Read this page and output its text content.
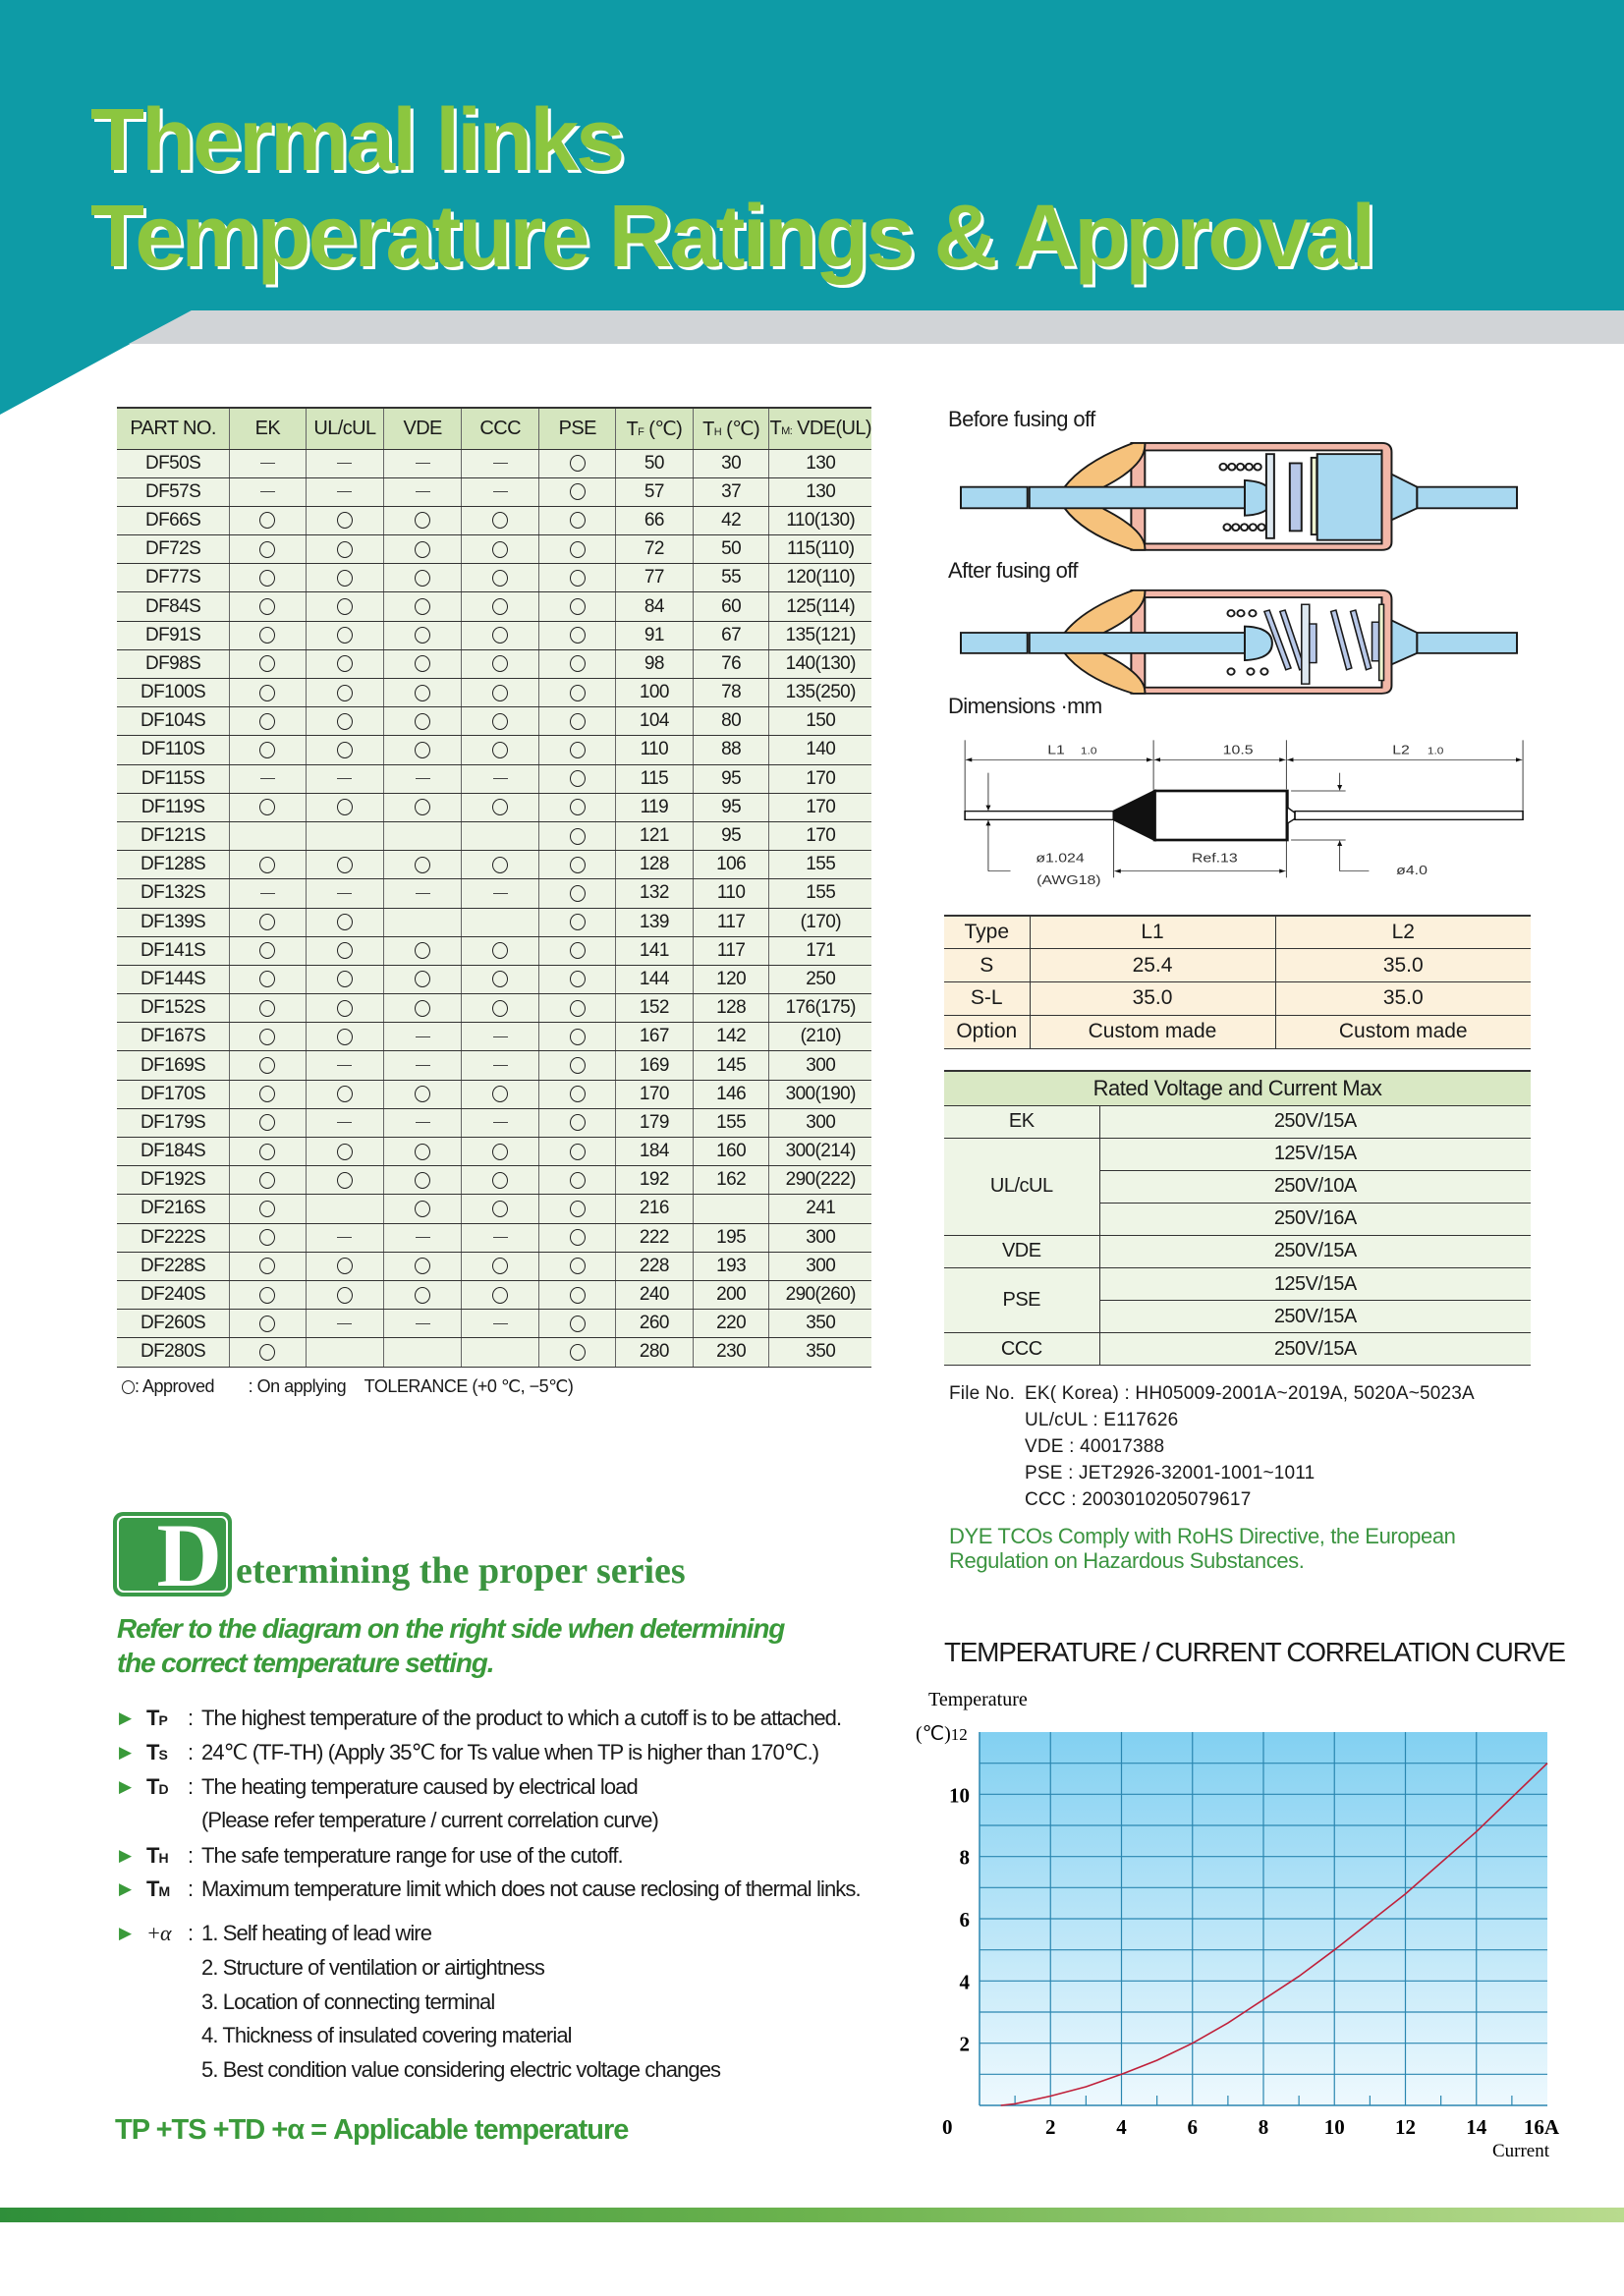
Thermal links
Temperature Ratings & Approval
PART NO.	EK	UL/cUL	VDE	CCC	PSE	TF (℃)	TH (℃)	TM: VDE(UL)
DF50S						50	30	130
DF57S						57	37	130
DF66S						66	42	110(130)
DF72S						72	50	115(110)
DF77S						77	55	120(110)
DF84S						84	60	125(114)
DF91S						91	67	135(121)
DF98S						98	76	140(130)
DF100S						100	78	135(250)
DF104S						104	80	150
DF110S						110	88	140
DF115S						115	95	170
DF119S						119	95	170
DF121S						121	95	170
DF128S						128	106	155
DF132S						132	110	155
DF139S						139	117	(170)
DF141S						141	117	171
DF144S						144	120	250
DF152S						152	128	176(175)
DF167S						167	142	(210)
DF169S						169	145	300
DF170S						170	146	300(190)
DF179S						179	155	300
DF184S						184	160	300(214)
DF192S						192	162	290(222)
DF216S						216		241
DF222S						222	195	300
DF228S						228	193	300
DF240S						240	200	290(260)
DF260S						260	220	350
DF280S						280	230	350
: Approved : On applying TOLERANCE (+0 ℃, −5℃)
Before fusing off
After fusing off
Dimensions ·mm
L1 1.0	10.5	L2 1.0
ø1.024
(AWG18)
Ref.13
ø4.0
Type	L1	L2
S	25.4	35.0
S-L	35.0	35.0
Option	Custom made	Custom made
Rated Voltage and Current Max	
EK	250V/15A
UL/cUL	125V/15A
	250V/10A
	250V/16A
VDE	250V/15A
PSE	125V/15A
	250V/15A
CCC	250V/15A
File No. EK( Korea) : HH05009-2001A~2019A, 5020A~5023A
UL/cUL : E117626
VDE : 40017388
PSE : JET2926-32001-1001~1011
CCC : 2003010205079617
DYE TCOs Comply with RoHS Directive, the European
Regulation on Hazardous Substances.
D etermining the proper series
Refer to the diagram on the right side when determining
the correct temperature setting.
▶ TP : The highest temperature of the product to which a cutoff is to be attached.
▶ TS : 24℃ (TF-TH) (Apply 35℃ for Ts value when TP is higher than 170℃.)
▶ TD : The heating temperature caused by electrical load
(Please refer temperature / current correlation curve)
▶ TH : The safe temperature range for use of the cutoff.
▶ TM : Maximum temperature limit which does not cause reclosing of thermal links.
▶ +α : 1. Self heating of lead wire
2. Structure of ventilation or airtightness
3. Location of connecting terminal
4. Thickness of insulated covering material
5. Best condition value considering electric voltage changes
TP +TS +TD +α = Applicable temperature
TEMPERATURE / CURRENT CORRELATION CURVE
2
4
6
8
10
(℃)12
Temperature
0	2	4	6	8	10 12 14 16A
Current
